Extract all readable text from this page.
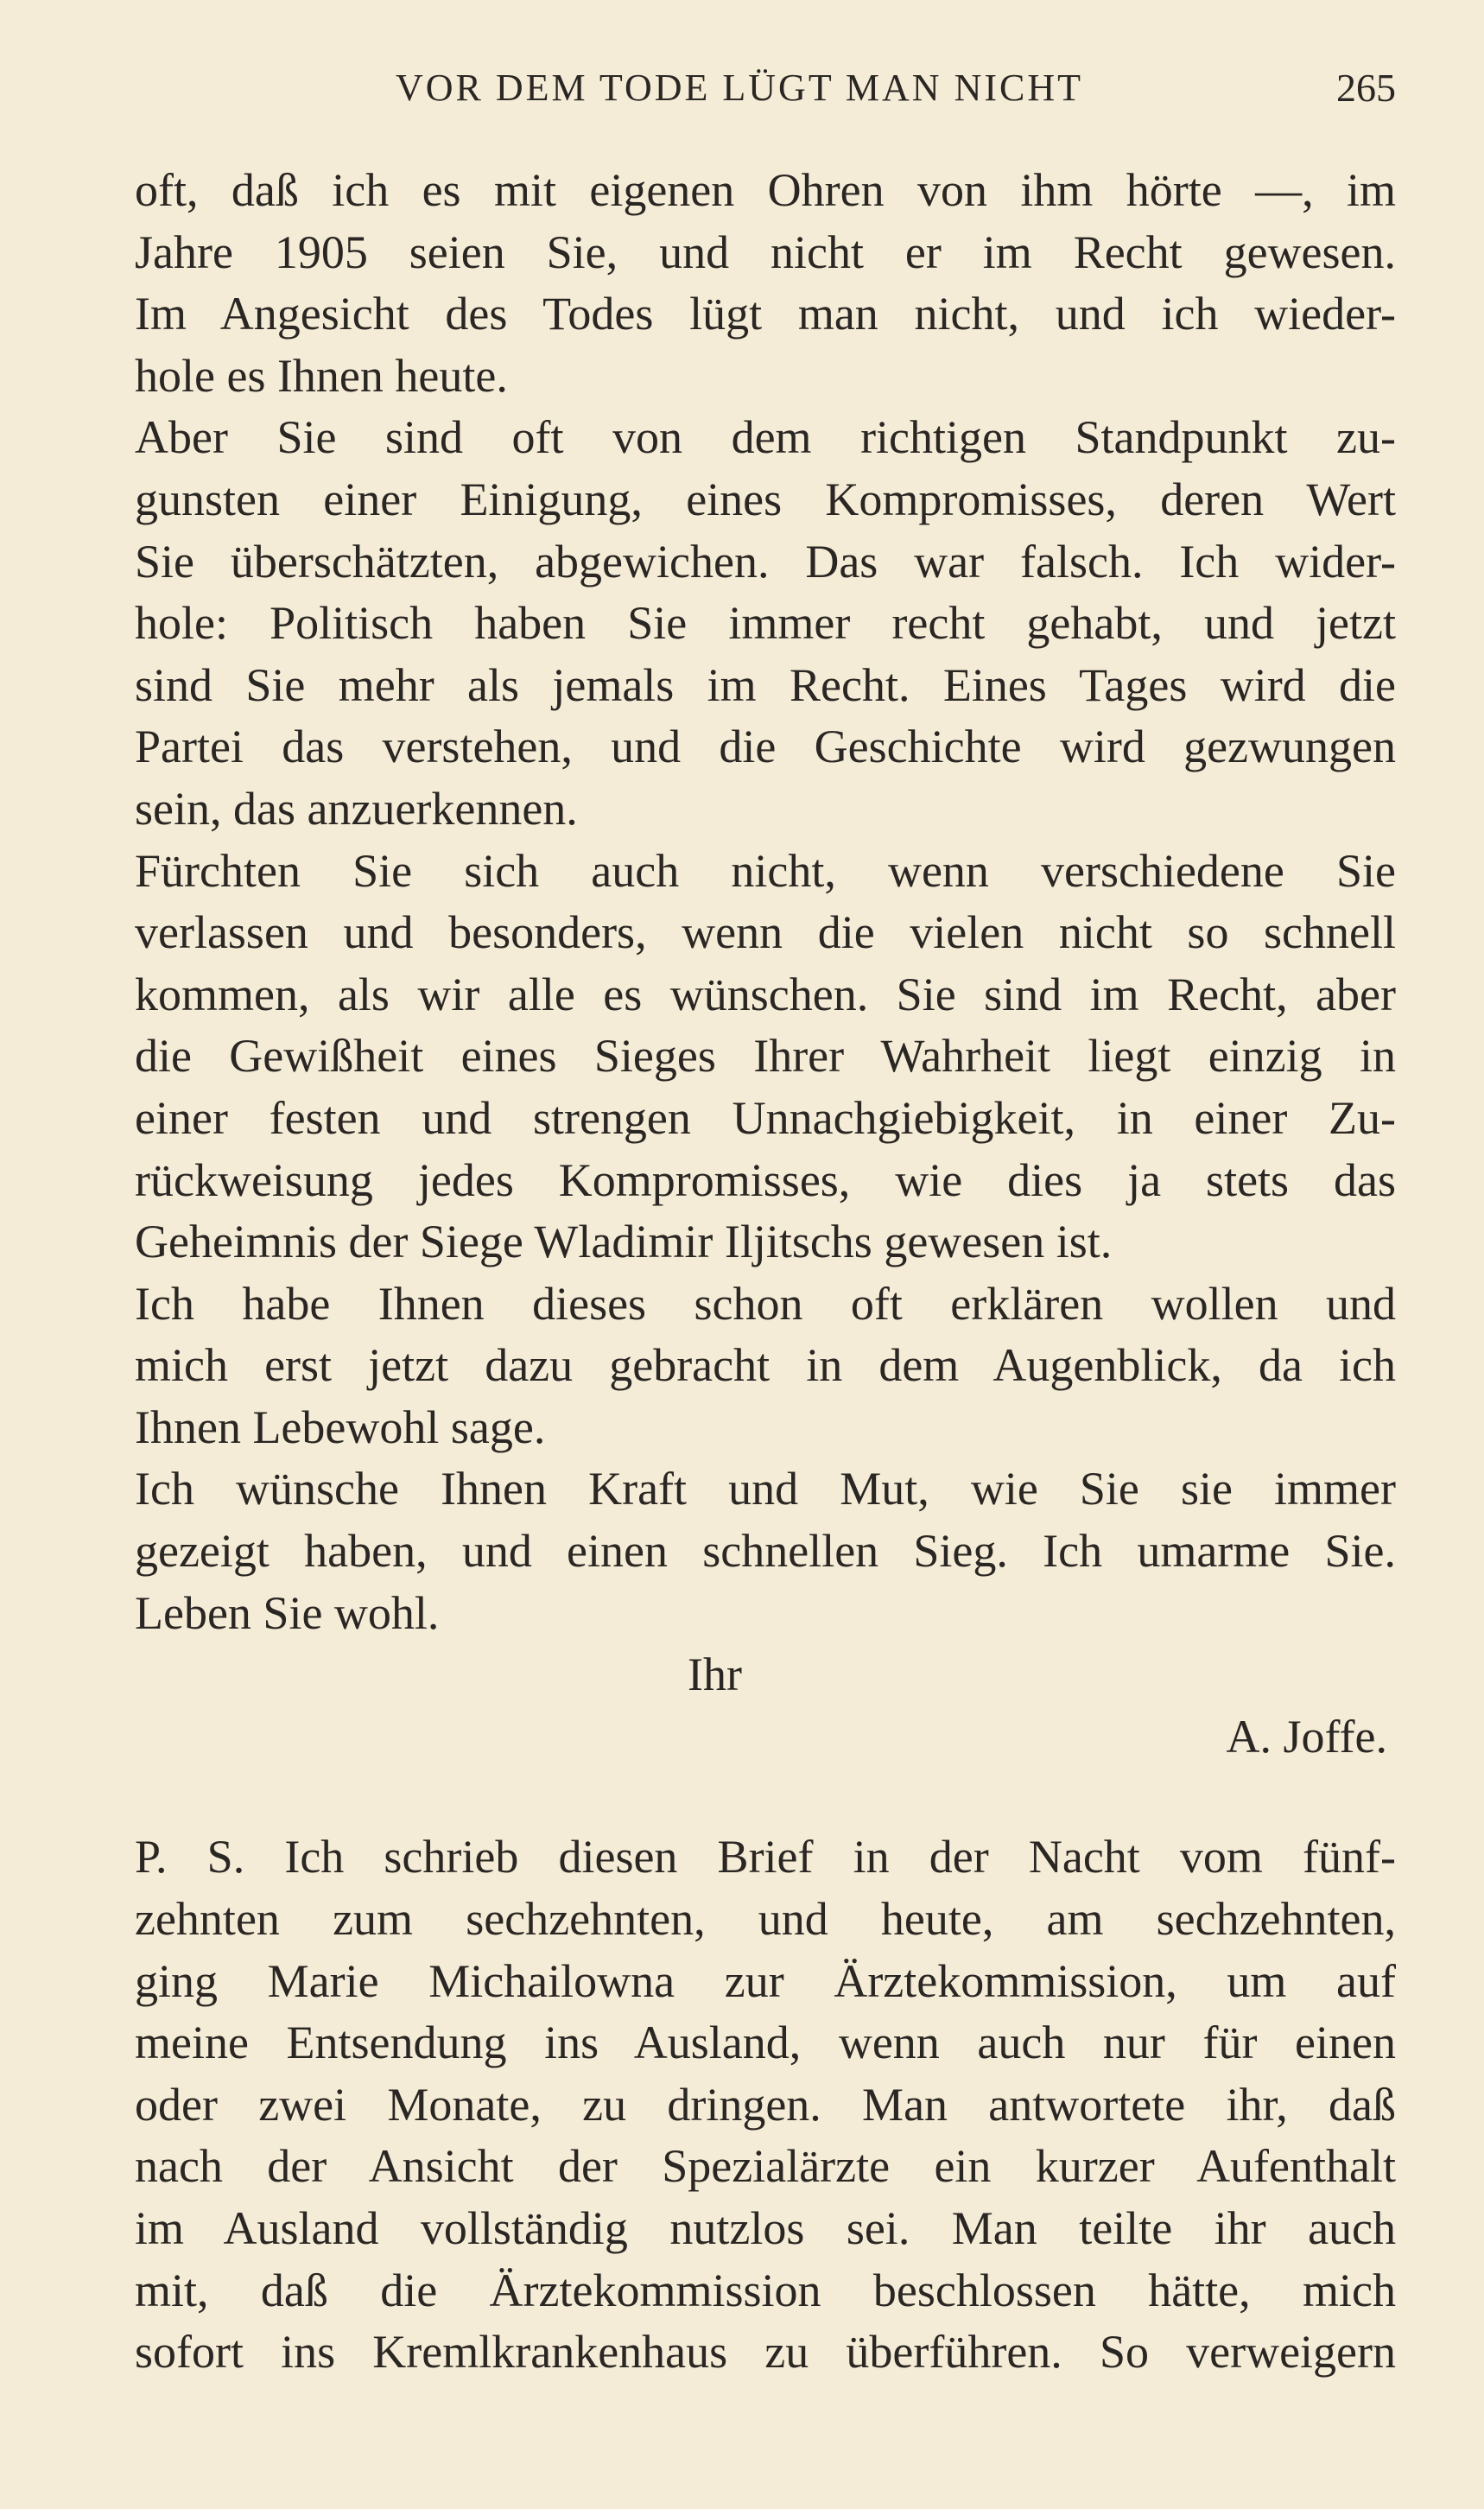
VOR DEM TODE LÜGT MAN NICHT	265

oft, daß ich es mit eigenen Ohren von ihm hörte —, im
Jahre 1905 seien Sie, und nicht er im Recht gewesen.
Im Angesicht des Todes lügt man nicht, und ich wieder-
hole es Ihnen heute.

Aber Sie sind oft von dem richtigen Standpunkt zu-
gunsten einer Einigung, eines Kompromisses, deren Wert
Sie überschätzten, abgewichen. Das war falsch. Ich wider-
hole: Politisch haben Sie immer recht gehabt, und jetzt
sind Sie mehr als jemals im Recht. Eines Tages wird die
Partei das verstehen, und die Geschichte wird gezwungen
sein, das anzuerkennen.

Fürchten Sie sich auch nicht, wenn verschiedene Sie
verlassen und besonders, wenn die vielen nicht so schnell
kommen, als wir alle es wünschen. Sie sind im Recht, aber
die Gewißheit eines Sieges Ihrer Wahrheit liegt einzig in
einer festen und strengen Unnachgiebigkeit, in einer Zu-
rückweisung jedes Kompromisses, wie dies ja stets das
Geheimnis der Siege Wladimir Iljitschs gewesen ist.

Ich habe Ihnen dieses schon oft erklären wollen und
mich erst jetzt dazu gebracht in dem Augenblick, da ich
Ihnen Lebewohl sage.

Ich wünsche Ihnen Kraft und Mut, wie Sie sie immer
gezeigt haben, und einen schnellen Sieg. Ich umarme Sie.
Leben Sie wohl.

Ihr
A. Joffe.

P. S. Ich schrieb diesen Brief in der Nacht vom fünf-
zehnten zum sechzehnten, und heute, am sechzehnten,
ging Marie Michailowna zur Ärztekommission, um auf
meine Entsendung ins Ausland, wenn auch nur für einen
oder zwei Monate, zu dringen. Man antwortete ihr, daß
nach der Ansicht der Spezialärzte ein kurzer Aufenthalt
im Ausland vollständig nutzlos sei. Man teilte ihr auch
mit, daß die Ärztekommission beschlossen hätte, mich
sofort ins Kremlkrankenhaus zu überführen. So verweigern
